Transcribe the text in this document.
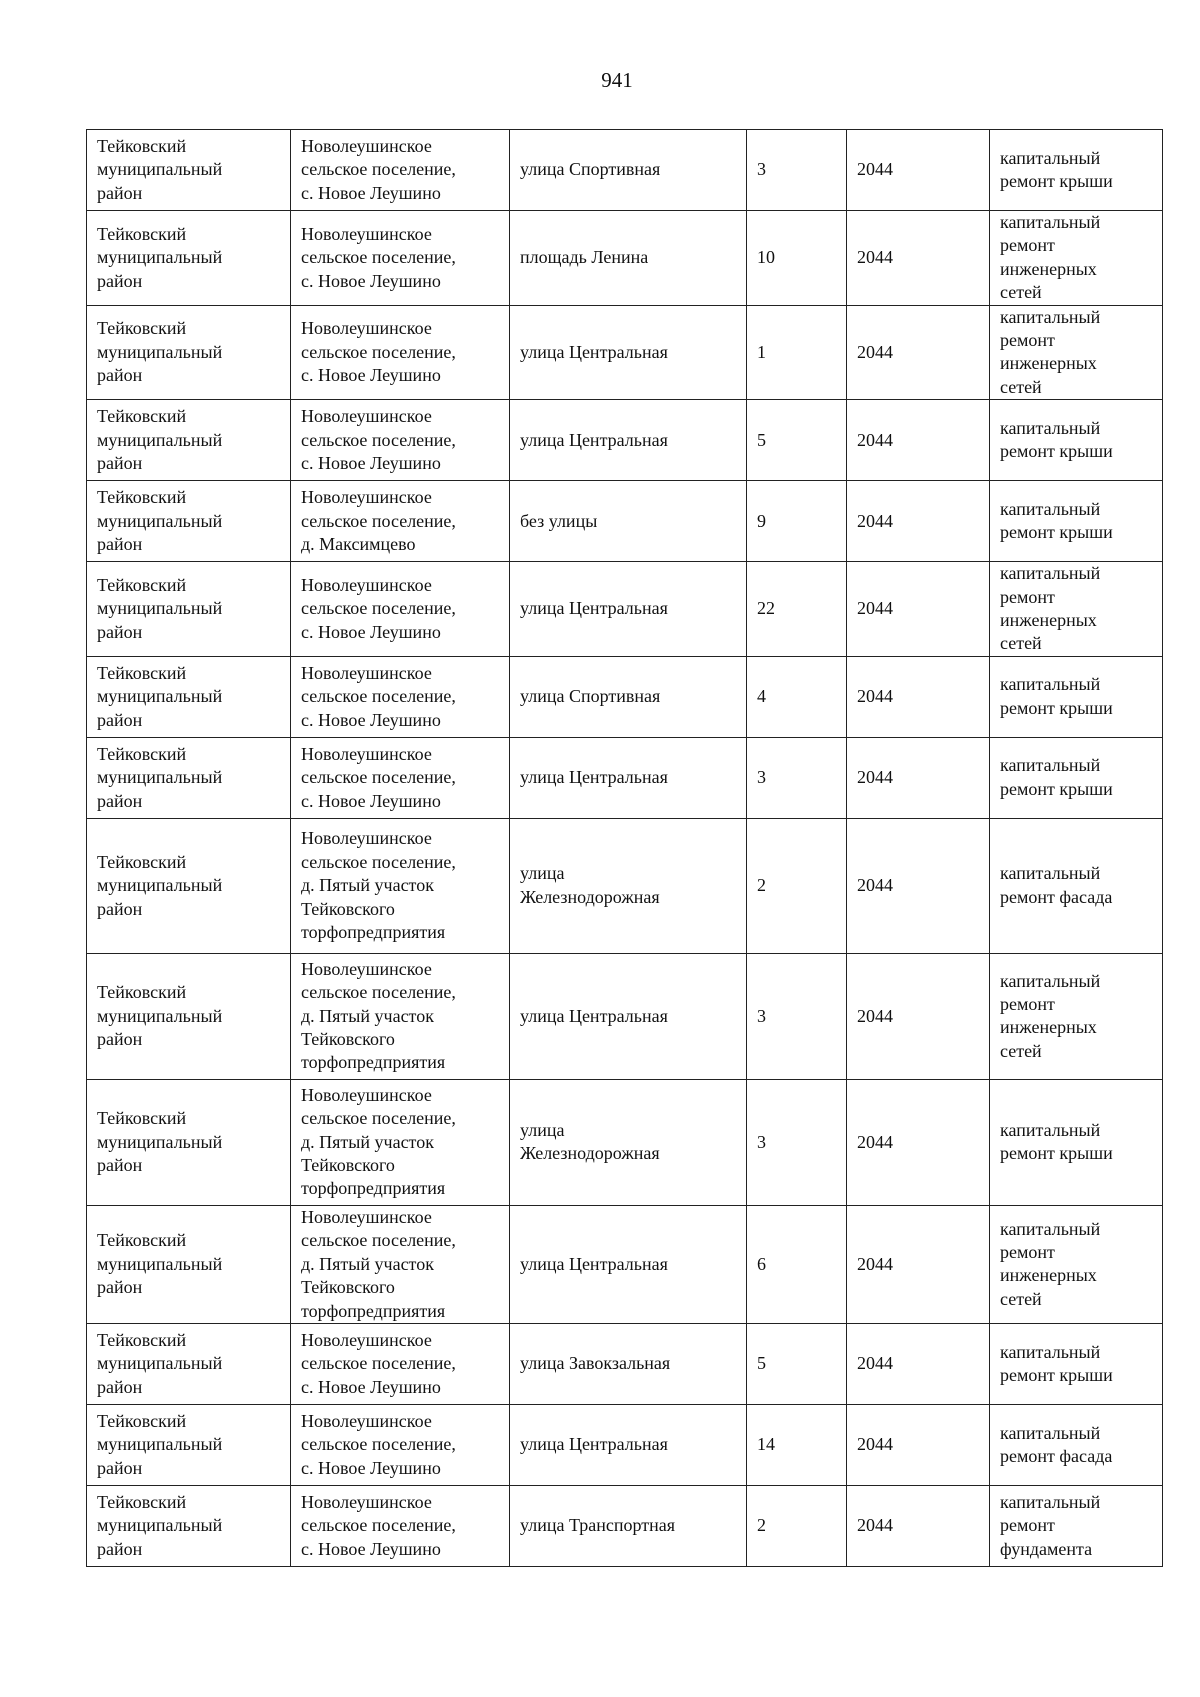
941
Тейковский
муниципальный
район	Новолеушинское
сельское поселение,
с. Новое Леушино	улица Спортивная	3	2044	капитальный
ремонт крыши
Тейковский
муниципальный
район	Новолеушинское
сельское поселение,
с. Новое Леушино	площадь Ленина	10	2044	капитальный
ремонт
инженерных
сетей
Тейковский
муниципальный
район	Новолеушинское
сельское поселение,
с. Новое Леушино	улица Центральная	1	2044	капитальный
ремонт
инженерных
сетей
Тейковский
муниципальный
район	Новолеушинское
сельское поселение,
с. Новое Леушино	улица Центральная	5	2044	капитальный
ремонт крыши
Тейковский
муниципальный
район	Новолеушинское
сельское поселение,
д. Максимцево	без улицы	9	2044	капитальный
ремонт крыши
Тейковский
муниципальный
район	Новолеушинское
сельское поселение,
с. Новое Леушино	улица Центральная	22	2044	капитальный
ремонт
инженерных
сетей
Тейковский
муниципальный
район	Новолеушинское
сельское поселение,
с. Новое Леушино	улица Спортивная	4	2044	капитальный
ремонт крыши
Тейковский
муниципальный
район	Новолеушинское
сельское поселение,
с. Новое Леушино	улица Центральная	3	2044	капитальный
ремонт крыши
Тейковский
муниципальный
район	Новолеушинское
сельское поселение,
д. Пятый участок
Тейковского
торфопредприятия	улица
Железнодорожная	2	2044	капитальный
ремонт фасада
Тейковский
муниципальный
район	Новолеушинское
сельское поселение,
д. Пятый участок
Тейковского
торфопредприятия	улица Центральная	3	2044	капитальный
ремонт
инженерных
сетей
Тейковский
муниципальный
район	Новолеушинское
сельское поселение,
д. Пятый участок
Тейковского
торфопредприятия	улица
Железнодорожная	3	2044	капитальный
ремонт крыши
Тейковский
муниципальный
район	Новолеушинское
сельское поселение,
д. Пятый участок
Тейковского
торфопредприятия	улица Центральная	6	2044	капитальный
ремонт
инженерных
сетей
Тейковский
муниципальный
район	Новолеушинское
сельское поселение,
с. Новое Леушино	улица Завокзальная	5	2044	капитальный
ремонт крыши
Тейковский
муниципальный
район	Новолеушинское
сельское поселение,
с. Новое Леушино	улица Центральная	14	2044	капитальный
ремонт фасада
Тейковский
муниципальный
район	Новолеушинское
сельское поселение,
с. Новое Леушино	улица Транспортная	2	2044	капитальный
ремонт
фундамента
